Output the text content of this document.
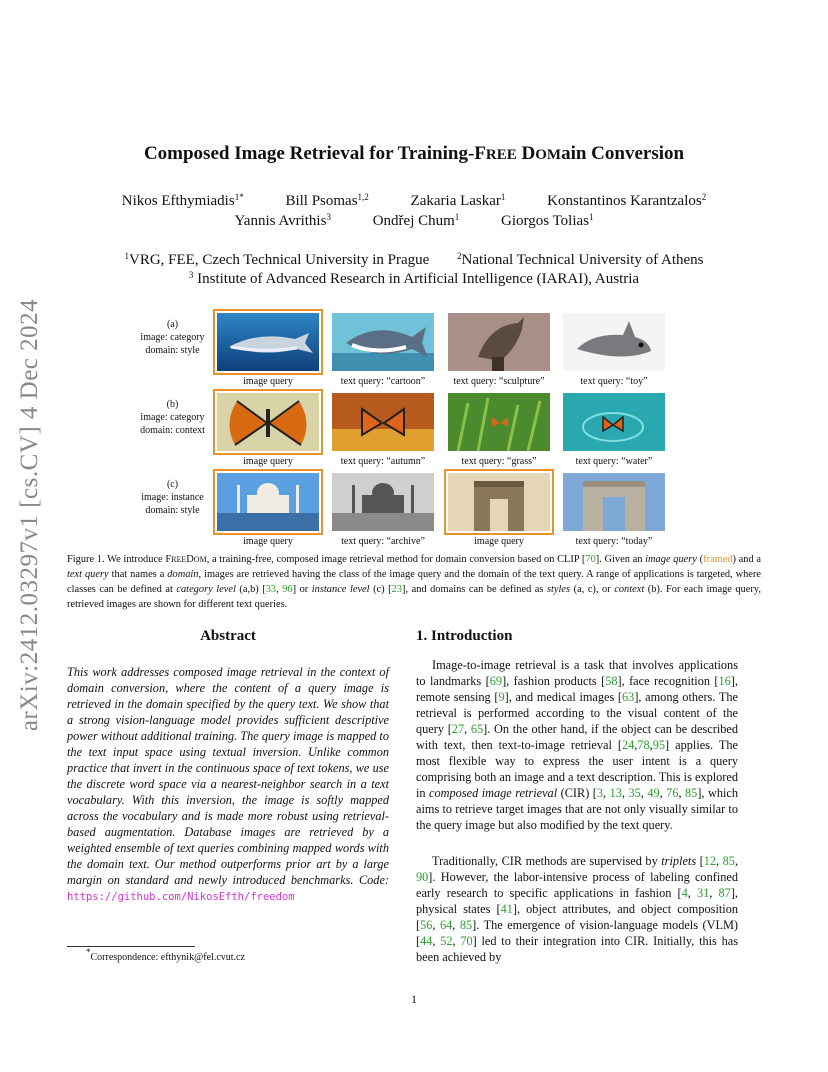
arXiv:2412.03297v1 [cs.CV] 4 Dec 2024
Composed Image Retrieval for Training-FREE DOMain Conversion
Nikos Efthymiadis$^{1*}$	Bill Psomas$^{1,2}$	Zakaria Laskar$^1$	Konstantinos Karantzalos$^2$
Yannis Avrithis$^3$	Ondřej Chum$^1$	Giorgos Tolias$^1$
$^1$VRG, FEE, Czech Technical University in Prague	$^2$National Technical University of Athens
$^3$ Institute of Advanced Research in Artificial Intelligence (IARAI), Austria
(a)
image: category
domain: style
(b)
image: category
domain: context
(c)
image: instance
domain: style
image query	text query: “cartoon”	text query: “sculpture”	text query: “toy”
image query	text query: “autumn”	text query: “grass”	text query: “water”
image query	text query: “archive”	image query	text query: “today”
Figure 1. We introduce FREEDOM, a training-free, composed image retrieval method for domain conversion based on CLIP [70]. Given an image query (framed) and a text query that names a domain, images are retrieved having the class of the image query and the domain of the text query. A range of applications is targeted, where classes can be defined at category level (a,b) [33, 96] or instance level (c) [23], and domains can be defined as styles (a, c), or context (b). For each image query, retrieved images are shown for different text queries.
Abstract
This work addresses composed image retrieval in the context of domain conversion, where the content of a query image is retrieved in the domain specified by the query text. We show that a strong vision-language model provides sufficient descriptive power without additional training. The query image is mapped to the text input space using textual inversion. Unlike common practice that invert in the continuous space of text tokens, we use the discrete word space via a nearest-neighbor search in a text vocabulary. With this inversion, the image is softly mapped across the vocabulary and is made more robust using retrieval-based augmentation. Database images are retrieved by a weighted ensemble of text queries combining mapped words with the domain text. Our method outperforms prior art by a large margin on standard and newly introduced benchmarks. Code: https://github.com/NikosEfth/freedom
*Correspondence: efthynik@fel.cvut.cz
1. Introduction
Image-to-image retrieval is a task that involves applications to landmarks [69], fashion products [58], face recognition [16], remote sensing [9], and medical images [63], among others. The retrieval is performed according to the visual content of the query [27, 65]. On the other hand, if the object can be described with text, then text-to-image retrieval [24,78,95] applies. The most flexible way to express the user intent is a query comprising both an image and a text description. This is explored in composed image retrieval (CIR) [3, 13, 35, 49, 76, 85], which aims to retrieve target images that are not only visually similar to the query image but also modified by the text query.
Traditionally, CIR methods are supervised by triplets [12, 85, 90]. However, the labor-intensive process of labeling confined early research to specific applications in fashion [4, 31, 87], physical states [41], object attributes, and object composition [56, 64, 85]. The emergence of vision-language models (VLM) [44, 52, 70] led to their integration into CIR. Initially, this has been achieved by
1
